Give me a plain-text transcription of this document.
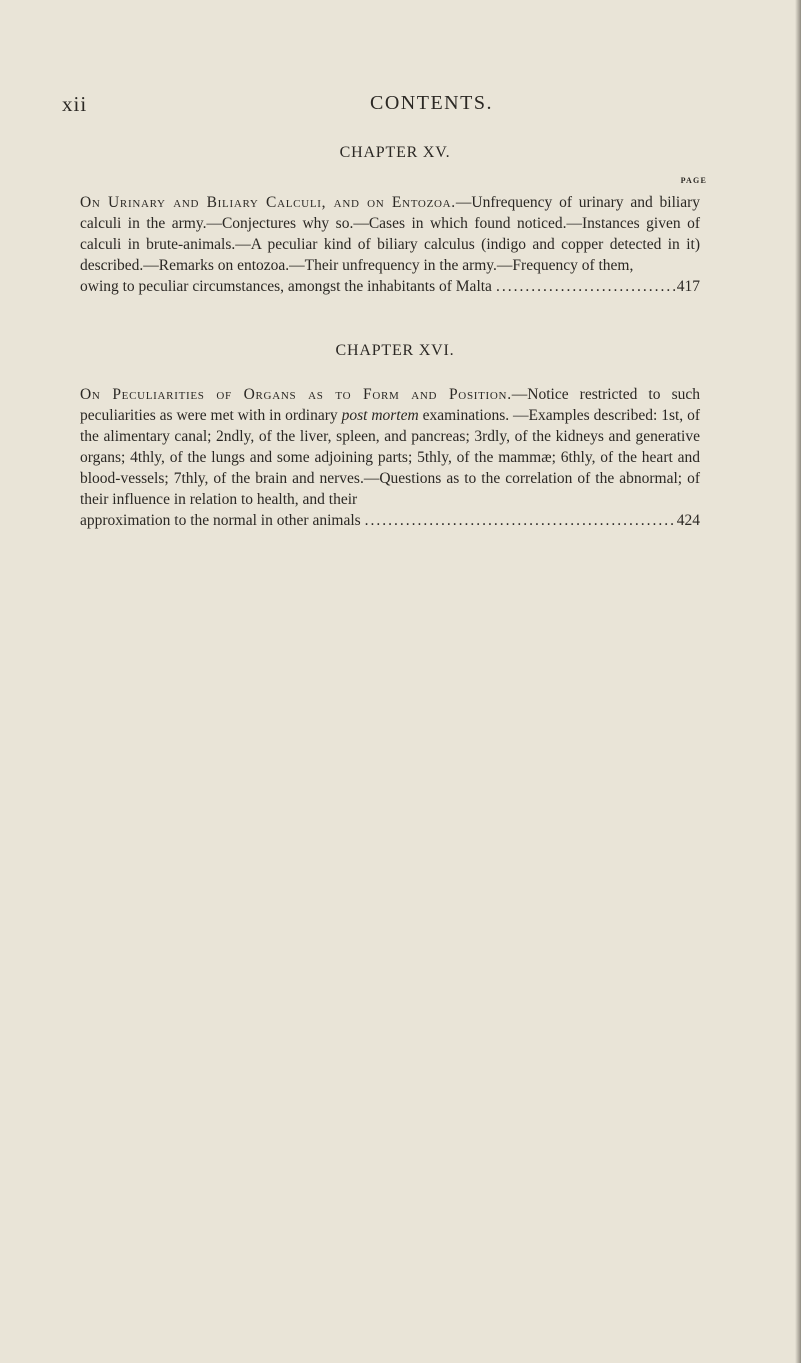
xii	CONTENTS.
CHAPTER XV.
PAGE
On Urinary and Biliary Calculi, and on Entozoa.—Unfrequency of urinary and biliary calculi in the army.—Conjectures why so.—Cases in which found noticed.—Instances given of calculi in brute-animals.—A peculiar kind of biliary calculus (indigo and copper detected in it) described.—Remarks on entozoa.—Their unfrequency in the army.—Frequency of them,
owing to peculiar circumstances, amongst the inhabitants of Malta .....	417
CHAPTER XVI.
On Peculiarities of Organs as to Form and Position.—Notice restricted to such peculiarities as were met with in ordinary post mortem examinations. —Examples described: 1st, of the alimentary canal; 2ndly, of the liver, spleen, and pancreas; 3rdly, of the kidneys and generative organs; 4thly, of the lungs and some adjoining parts; 5thly, of the mammæ; 6thly, of the heart and blood-vessels; 7thly, of the brain and nerves.—Questions as to the correlation of the abnormal; of their influence in relation to health, and their
approximation to the normal in other animals .....	424
